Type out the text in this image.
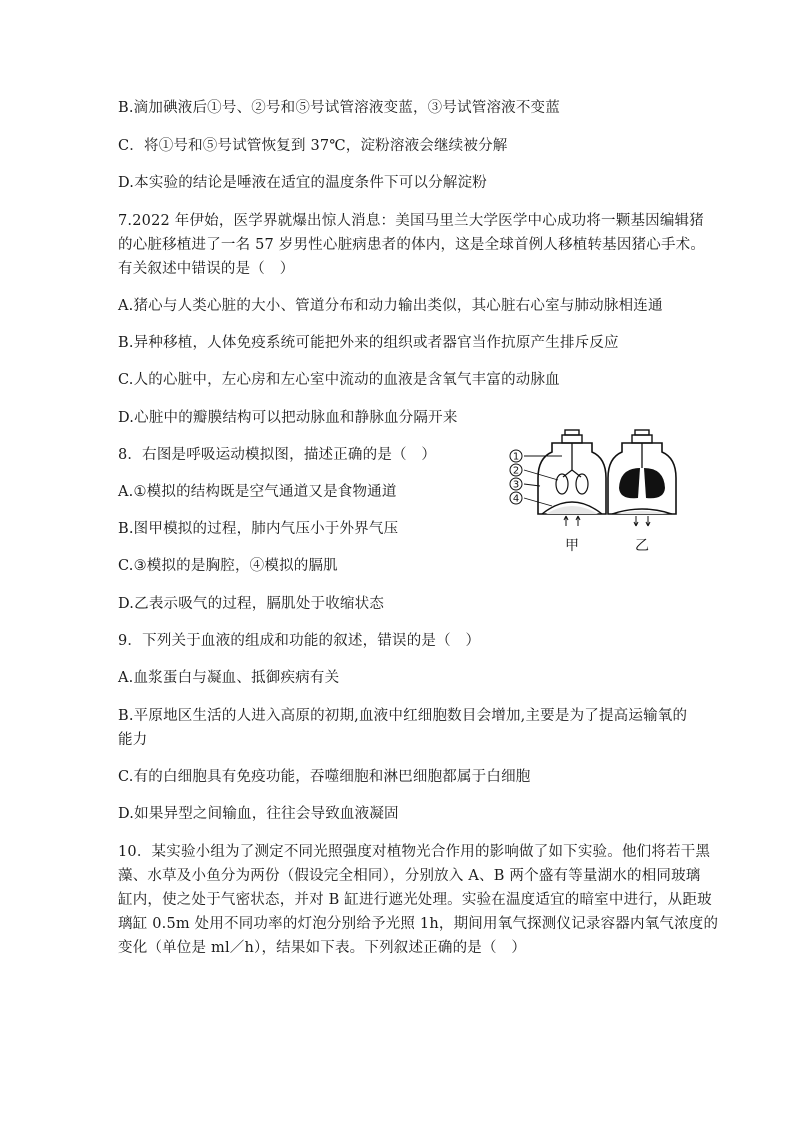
B.滴加碘液后①号、②号和⑤号试管溶液变蓝，③号试管溶液不变蓝
C．将①号和⑤号试管恢复到 37℃，淀粉溶液会继续被分解
D.本实验的结论是唾液在适宜的温度条件下可以分解淀粉
7.2022 年伊始，医学界就爆出惊人消息：美国马里兰大学医学中心成功将一颗基因编辑猪
的心脏移植进了一名 57 岁男性心脏病患者的体内，这是全球首例人移植转基因猪心手术。
有关叙述中错误的是（　）
A.猪心与人类心脏的大小、管道分布和动力输出类似，其心脏右心室与肺动脉相连通
B.异种移植，人体免疫系统可能把外来的组织或者器官当作抗原产生排斥反应
C.人的心脏中，左心房和左心室中流动的血液是含氧气丰富的动脉血
D.心脏中的瓣膜结构可以把动脉血和静脉血分隔开来
8．右图是呼吸运动模拟图，描述正确的是（　）
A.①模拟的结构既是空气通道又是食物通道
B.图甲模拟的过程，肺内气压小于外界气压
C.③模拟的是胸腔，④模拟的膈肌
D.乙表示吸气的过程，膈肌处于收缩状态
9．下列关于血液的组成和功能的叙述，错误的是（　）
A.血浆蛋白与凝血、抵御疾病有关
B.平原地区生活的人进入高原的初期,血液中红细胞数目会增加,主要是为了提高运输氧的
能力
C.有的白细胞具有免疫功能，吞噬细胞和淋巴细胞都属于白细胞
D.如果异型之间输血，往往会导致血液凝固
10．某实验小组为了测定不同光照强度对植物光合作用的影响做了如下实验。他们将若干黑
藻、水草及小鱼分为两份（假设完全相同），分别放入 A、B 两个盛有等量湖水的相同玻璃
缸内，使之处于气密状态，并对 B 缸进行遮光处理。实验在温度适宜的暗室中进行，从距玻
璃缸 0.5m 处用不同功率的灯泡分别给予光照 1h，期间用氧气探测仪记录容器内氧气浓度的
变化（单位是 ml／h），结果如下表。下列叙述正确的是（　）
1
2
3
4
甲	乙
